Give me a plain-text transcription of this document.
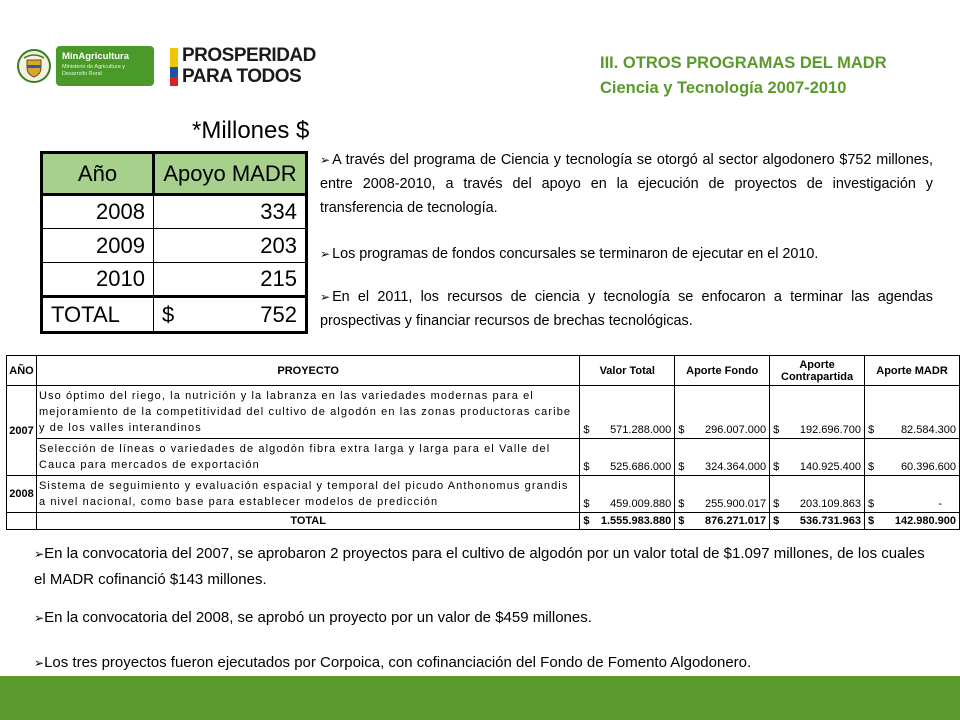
MinAgricultura
Ministerio de Agricultura y Desarrollo Rural
PROSPERIDAD
PARA TODOS
III. OTROS PROGRAMAS DEL MADR
Ciencia y Tecnología 2007-2010
*Millones $
Año	Apoyo MADR
2008	334
2009	203
2010	215
TOTAL	$ 752
➢ A través del programa de Ciencia y tecnología se otorgó al sector algodonero $752 millones, entre 2008-2010, a través del apoyo en la ejecución de proyectos de investigación y transferencia de tecnología.
➢ Los programas de fondos concursales se terminaron de ejecutar en el 2010.
➢ En el 2011, los recursos de ciencia y tecnología se enfocaron a terminar las agendas prospectivas y financiar recursos de brechas tecnológicas.
AÑO	PROYECTO	Valor Total	Aporte Fondo	Aporte Contrapartida	Aporte MADR
2007	Uso óptimo del riego, la nutrición y la labranza en las variedades modernas para el mejoramiento de la competitividad del cultivo de algodón en las zonas productoras caribe y de los valles interandinos	$ 571.288.000	$ 296.007.000	$ 192.696.700	$ 82.584.300

	Selección de líneas o variedades de algodón fibra extra larga y larga para el Valle del Cauca para mercados de exportación	$ 525.686.000	$ 324.364.000	$ 140.925.400	$ 60.396.600

2008	Sistema de seguimiento y evaluación espacial y temporal del picudo Anthonomus grandis a nivel nacional, como base para establecer modelos de predicción	$ 459.009.880	$ 255.900.017	$ 203.109.863	$ -

	TOTAL	$ 1.555.983.880	$ 876.271.017	$ 536.731.963	$ 142.980.900
➢En la convocatoria del 2007, se aprobaron 2 proyectos para el cultivo de algodón por un valor total de $1.097 millones, de los cuales el MADR cofinanció $143 millones.
➢En la convocatoria del 2008, se aprobó un proyecto por un valor de $459 millones.
➢Los tres proyectos fueron ejecutados por Corpoica, con cofinanciación del Fondo de Fomento Algodonero.
